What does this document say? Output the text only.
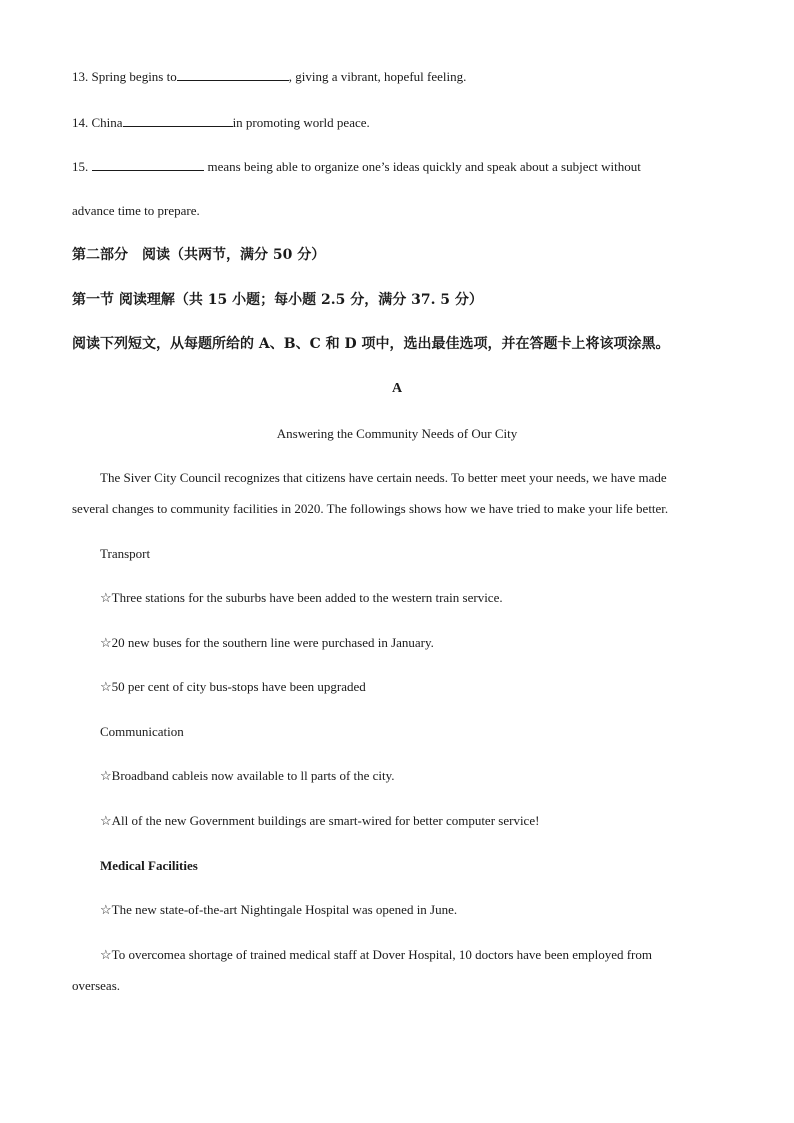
13. Spring begins to	, giving a vibrant, hopeful feeling.
14. China	in promoting world peace.
15.	means being able to organize one’s ideas quickly and speak about a subject without
advance time to prepare.
第二部分　阅读（共两节，满分 50 分）
第一节 阅读理解（共 15 小题；每小题 2.5 分，满分 37. 5 分）
阅读下列短文，从每题所给的 A、B、C 和 D 项中，选出最佳选项，并在答题卡上将该项涂黑。
A
Answering the Community Needs of Our City
The Siver City Council recognizes that citizens have certain needs. To better meet your needs, we have made
several changes to community facilities in 2020. The followings shows how we have tried to make your life better.
Transport
☆Three stations for the suburbs have been added to the western train service.
☆20 new buses for the southern line were purchased in January.
☆50 per cent of city bus-stops have been upgraded
Communication
☆Broadband cableis now available to ll parts of the city.
☆All of the new Government buildings are smart-wired for better computer service!
Medical Facilities
☆The new state-of-the-art Nightingale Hospital was opened in June.
☆To overcomea shortage of trained medical staff at Dover Hospital, 10 doctors have been employed from
overseas.
